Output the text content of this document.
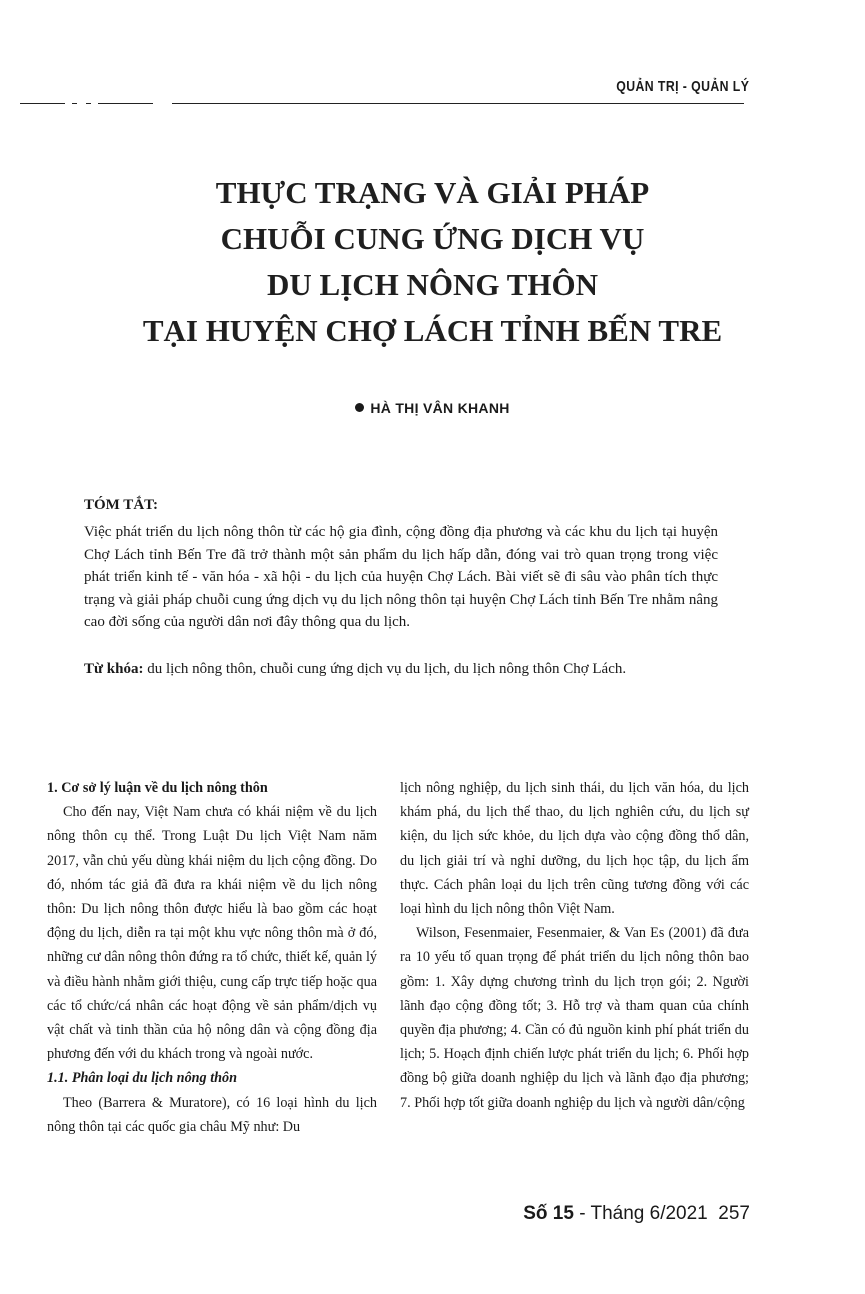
QUẢN TRỊ - QUẢN LÝ
THỰC TRẠNG VÀ GIẢI PHÁP
CHUỖI CUNG ỨNG DỊCH VỤ
DU LỊCH NÔNG THÔN
TẠI HUYỆN CHỢ LÁCH TỈNH BẾN TRE
HÀ THỊ VÂN KHANH
TÓM TẮT:

Việc phát triển du lịch nông thôn từ các hộ gia đình, cộng đồng địa phương và các khu du lịch tại huyện Chợ Lách tỉnh Bến Tre đã trở thành một sản phẩm du lịch hấp dẫn, đóng vai trò quan trọng trong việc phát triển kinh tế - văn hóa - xã hội - du lịch của huyện Chợ Lách. Bài viết sẽ đi sâu vào phân tích thực trạng và giải pháp chuỗi cung ứng dịch vụ du lịch nông thôn tại huyện Chợ Lách tỉnh Bến Tre nhằm nâng cao đời sống của người dân nơi đây thông qua du lịch.

Từ khóa: du lịch nông thôn, chuỗi cung ứng dịch vụ du lịch, du lịch nông thôn Chợ Lách.

1. Cơ sở lý luận về du lịch nông thôn

Cho đến nay, Việt Nam chưa có khái niệm về du lịch nông thôn cụ thể. Trong Luật Du lịch Việt Nam năm 2017, vẫn chủ yếu dùng khái niệm du lịch cộng đồng. Do đó, nhóm tác giả đã đưa ra khái niệm về du lịch nông thôn: Du lịch nông thôn được hiểu là bao gồm các hoạt động du lịch, diễn ra tại một khu vực nông thôn mà ở đó, những cư dân nông thôn đứng ra tổ chức, thiết kế, quản lý và điều hành nhằm giới thiệu, cung cấp trực tiếp hoặc qua các tổ chức/cá nhân các hoạt động về sản phẩm/dịch vụ vật chất và tinh thần của hộ nông dân và cộng đồng địa phương đến với du khách trong và ngoài nước.

1.1. Phân loại du lịch nông thôn

Theo (Barrera & Muratore), có 16 loại hình du lịch nông thôn tại các quốc gia châu Mỹ như: Du

lịch nông nghiệp, du lịch sinh thái, du lịch văn hóa, du lịch khám phá, du lịch thể thao, du lịch nghiên cứu, du lịch sự kiện, du lịch sức khỏe, du lịch dựa vào cộng đồng thổ dân, du lịch giải trí và nghỉ dưỡng, du lịch học tập, du lịch ẩm thực. Cách phân loại du lịch trên cũng tương đồng với các loại hình du lịch nông thôn Việt Nam.

Wilson, Fesenmaier, Fesenmaier, & Van Es (2001) đã đưa ra 10 yếu tố quan trọng để phát triển du lịch nông thôn bao gồm: 1. Xây dựng chương trình du lịch trọn gói; 2. Người lãnh đạo cộng đồng tốt; 3. Hỗ trợ và tham quan của chính quyền địa phương; 4. Cần có đủ nguồn kinh phí phát triển du lịch; 5. Hoạch định chiến lược phát triển du lịch; 6. Phối hợp đồng bộ giữa doanh nghiệp du lịch và lãnh đạo địa phương; 7. Phối hợp tốt giữa doanh nghiệp du lịch và người dân/cộng

Số 15 - Tháng 6/2021 257
